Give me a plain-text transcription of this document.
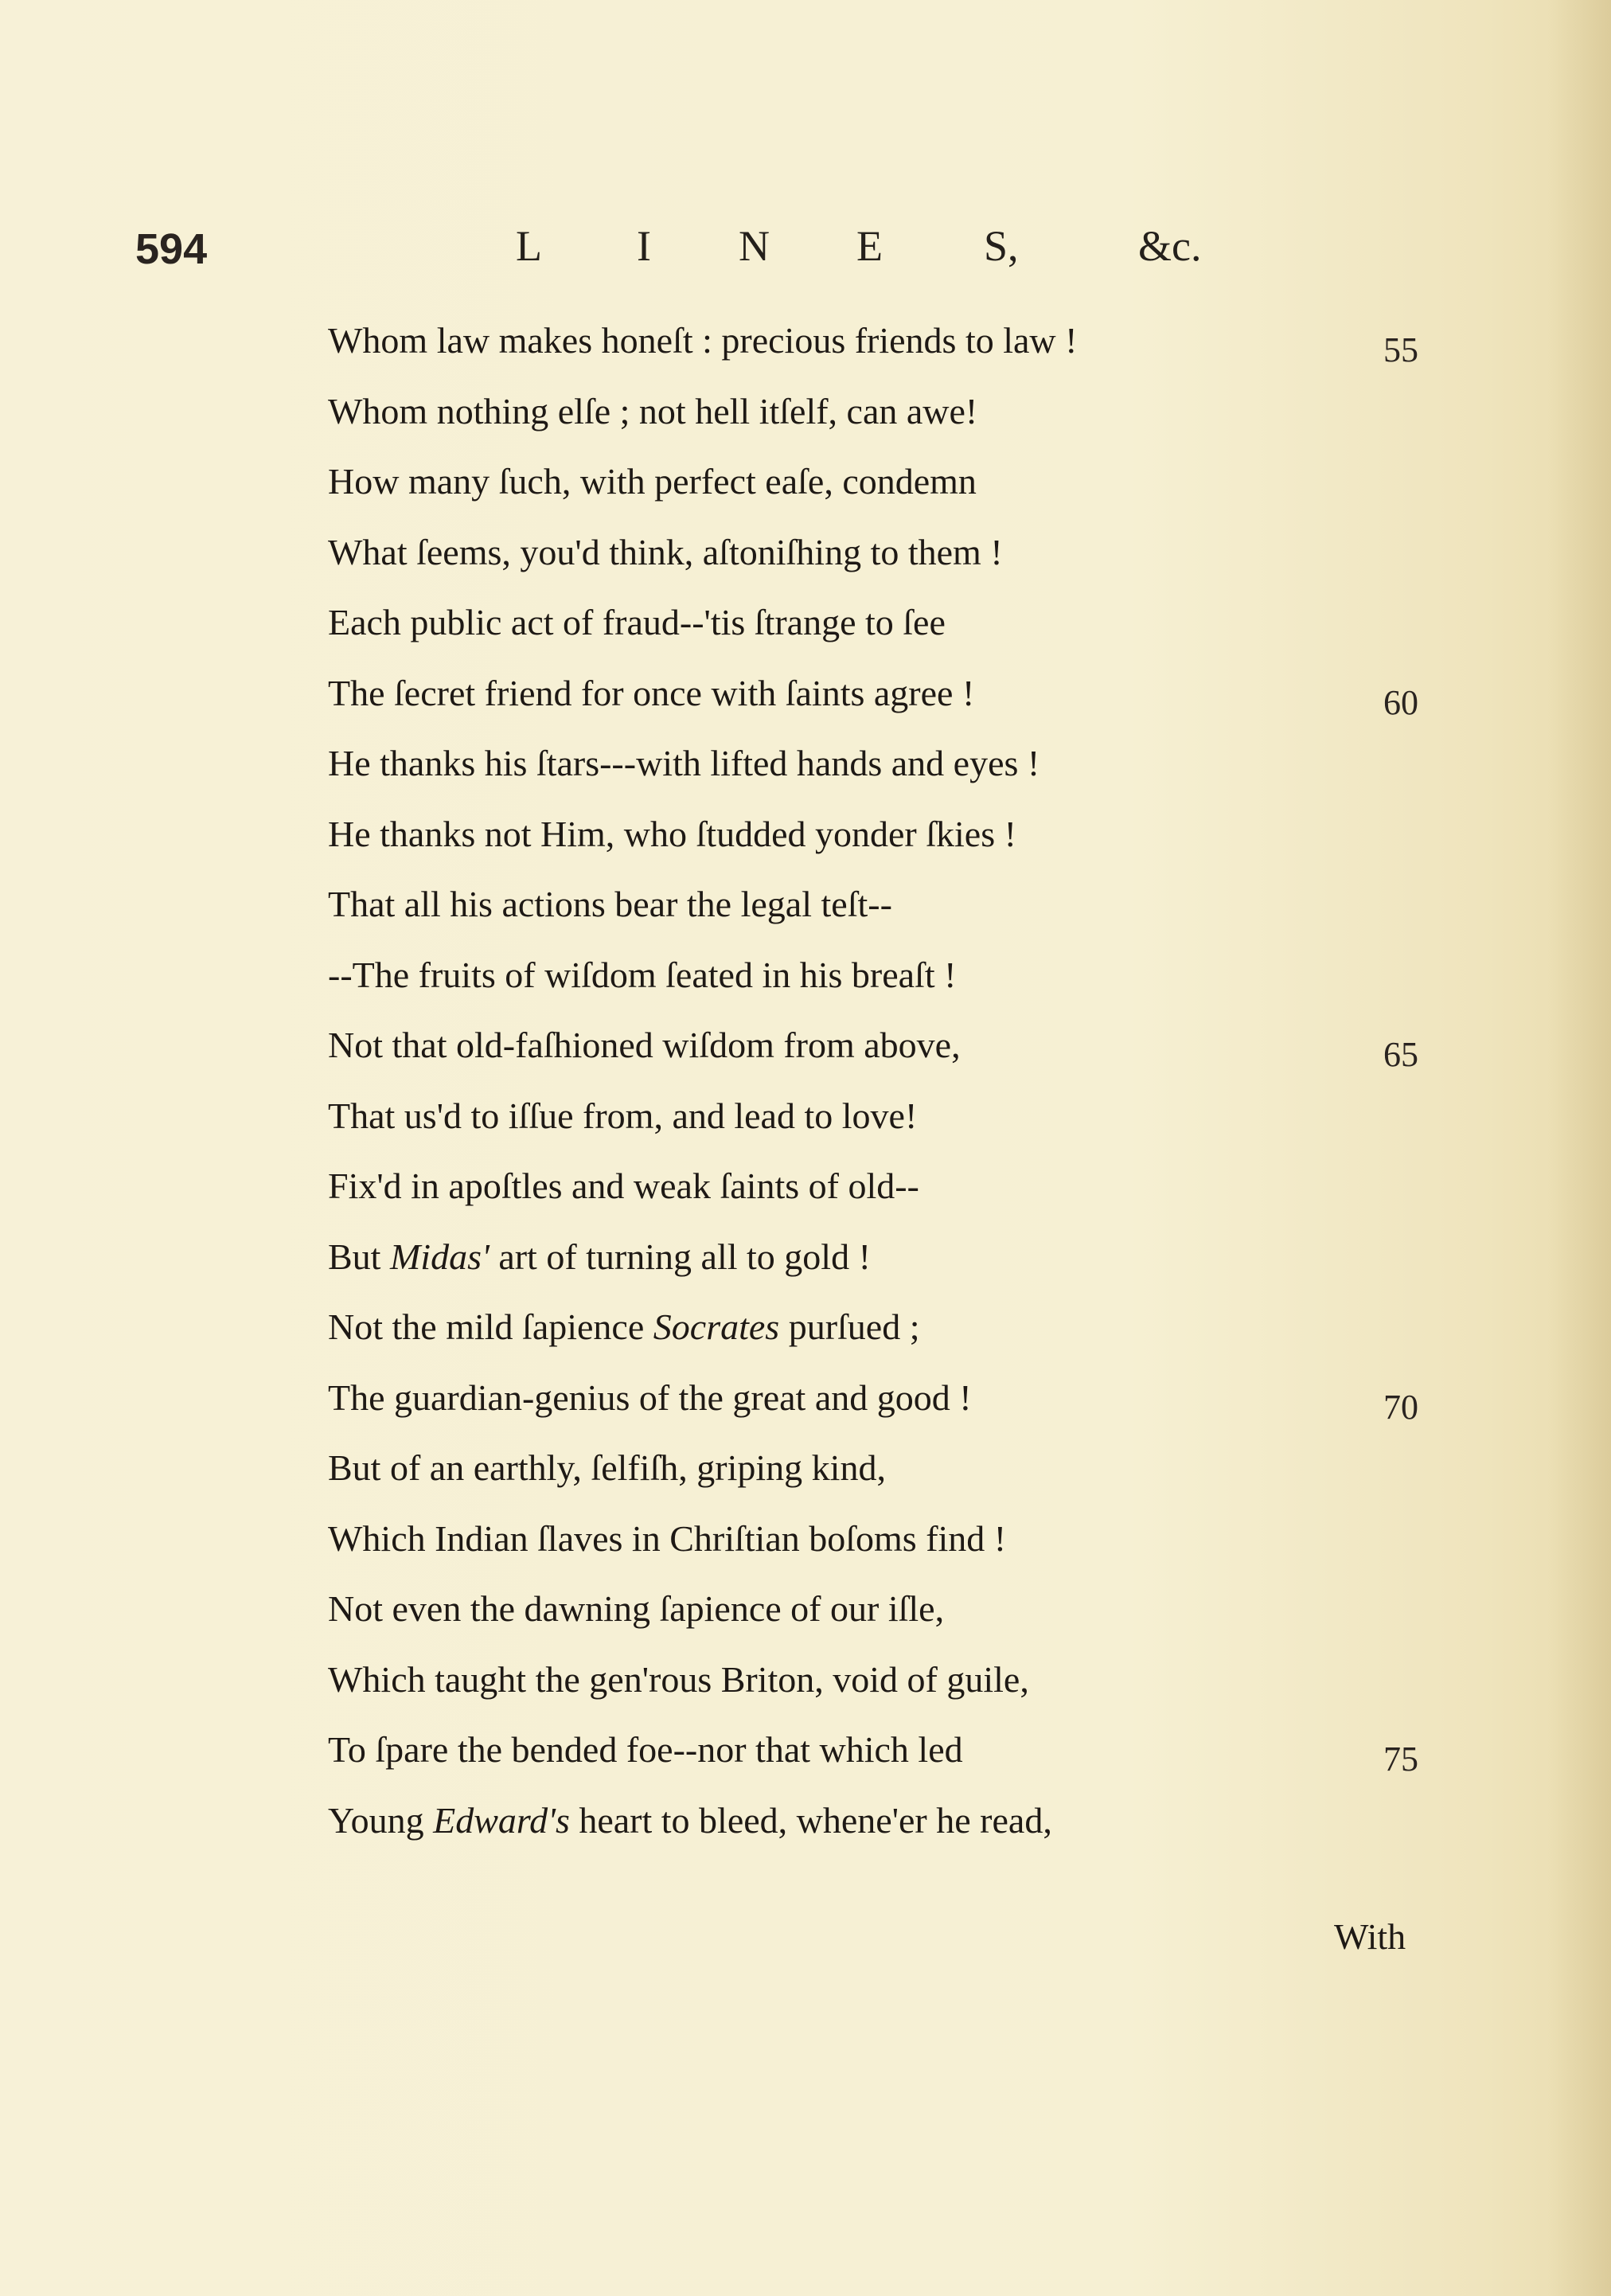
594	L I N E S,	&c.
Whom law makes honeſt : precious friends to law !
Whom nothing elſe ; not hell itſelf, can awe!
How many ſuch, with perfect eaſe, condemn
What ſeems, you'd think, aſtoniſhing to them !
Each public act of fraud--'tis ſtrange to ſee
The ſecret friend for once with ſaints agree !
He thanks his ſtars---with lifted hands and eyes !
He thanks not Him, who ſtudded yonder ſkies !
That all his actions bear the legal teſt--
--The fruits of wiſdom ſeated in his breaſt !
Not that old-faſhioned wiſdom from above,
That us'd to iſſue from, and lead to love!
Fix'd in apoſtles and weak ſaints of old--
But Midas' art of turning all to gold !
Not the mild ſapience Socrates purſued ;
The guardian-genius of the great and good !
But of an earthly, ſelfiſh, griping kind,
Which Indian ſlaves in Chriſtian boſoms find !
Not even the dawning ſapience of our iſle,
Which taught the gen'rous Briton, void of guile,
To ſpare the bended foe--nor that which led
Young Edward's heart to bleed, whene'er he read,
55
60
65
70
75
With
